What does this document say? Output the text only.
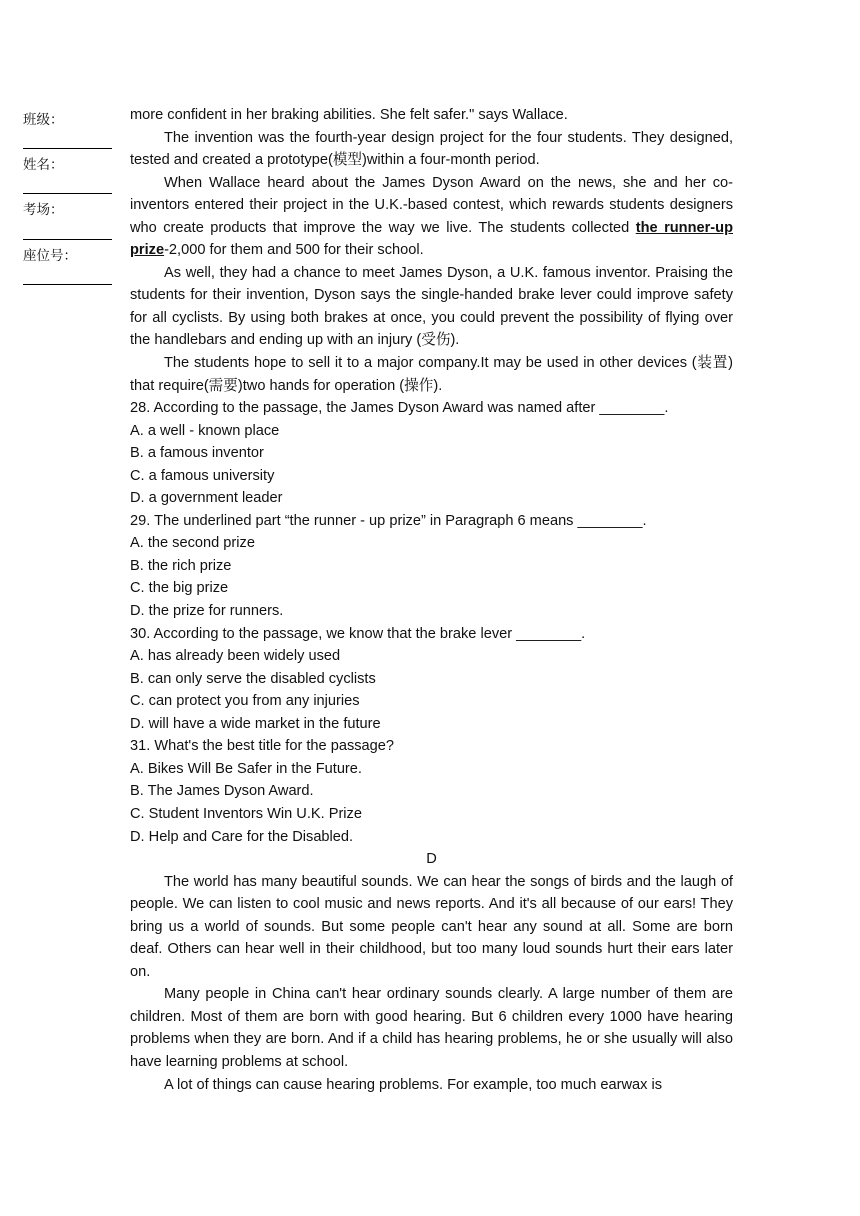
班级：
姓名：
考场：
座位号：

more confident in her braking abilities. She felt safer." says Wallace.

The invention was the fourth-year design project for the four students. They designed, tested and created a prototype(模型)within a four-month period.

When Wallace heard about the James Dyson Award on the news, she and her co-inventors entered their project in the U.K.-based contest, which rewards students designers who create products that improve the way we live. The students collected the runner-up prize-2,000 for them and 500 for their school.

As well, they had a chance to meet James Dyson, a U.K. famous inventor. Praising the students for their invention, Dyson says the single-handed brake lever could improve safety for all cyclists. By using both brakes at once, you could prevent the possibility of flying over the handlebars and ending up with an injury (受伤).

The students hope to sell it to a major company.It may be used in other devices (装置) that require(需要)two hands for operation (操作).

28. According to the passage, the James Dyson Award was named after ________.

A. a well - known place

B. a famous inventor

C. a famous university

D. a government leader

29. The underlined part “the runner - up prize” in Paragraph 6 means ________.

A. the second prize

B. the rich prize

C. the big prize

D. the prize for runners.

30. According to the passage, we know that the brake lever ________.

A. has already been widely used

B. can only serve the disabled cyclists

C. can protect you from any injuries

D. will have a wide market in the future

31. What's the best title for the passage?

A. Bikes Will Be Safer in the Future.

B. The James Dyson Award.

C. Student Inventors Win U.K. Prize

D. Help and Care for the Disabled.

D

The world has many beautiful sounds. We can hear the songs of birds and the laugh of people. We can listen to cool music and news reports. And it's all because of our ears! They bring us a world of sounds. But some people can't hear any sound at all. Some are born deaf. Others can hear well in their childhood, but too many loud sounds hurt their ears later on.

Many people in China can't hear ordinary sounds clearly. A large number of them are children. Most of them are born with good hearing. But 6 children every 1000 have hearing problems when they are born. And if a child has hearing problems, he or she usually will also have learning problems at school.

A lot of things can cause hearing problems. For example, too much earwax is
